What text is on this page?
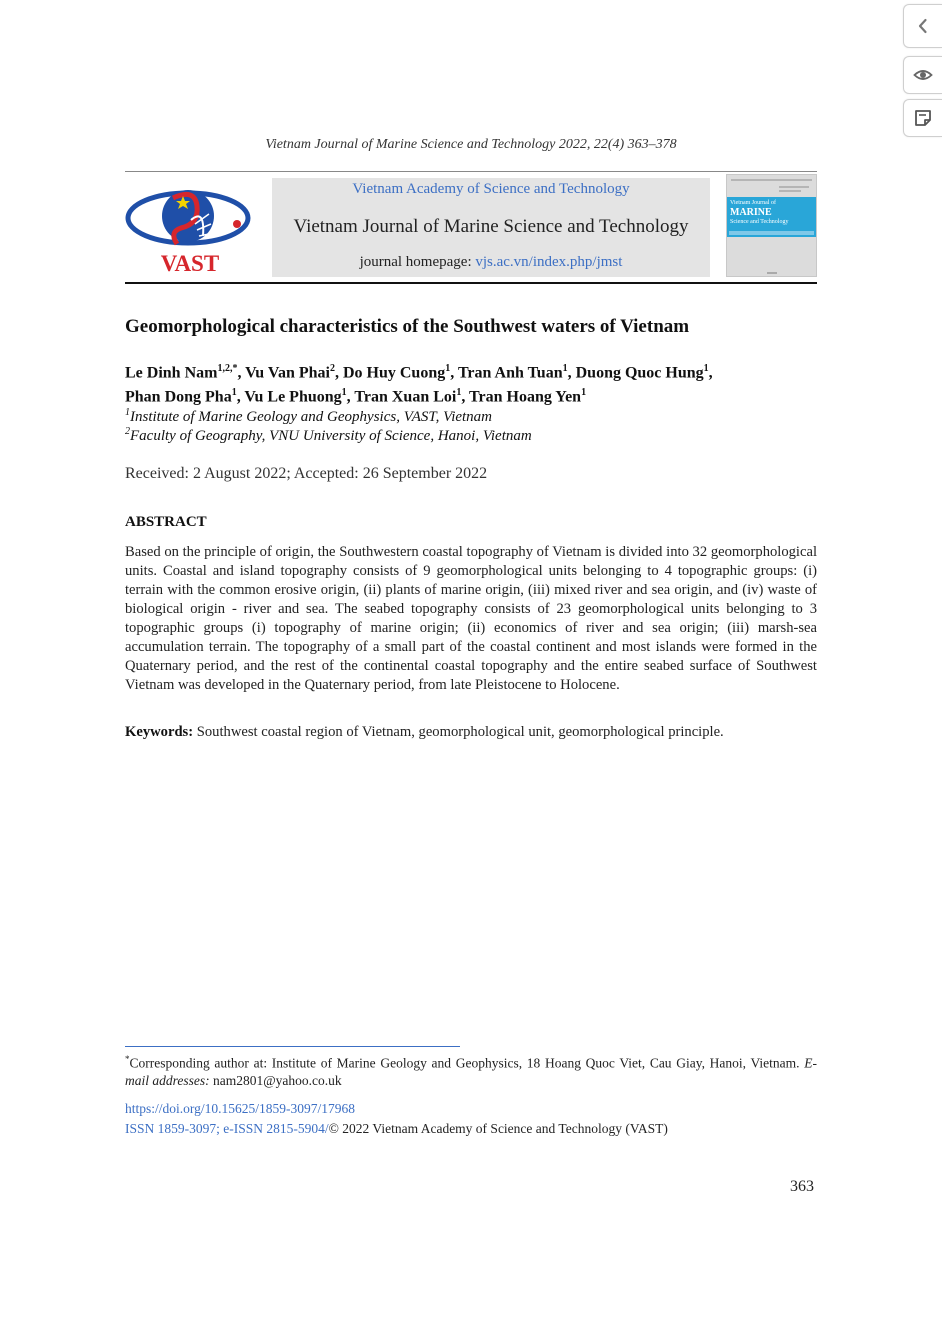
Vietnam Journal of Marine Science and Technology 2022, 22(4) 363–378
VAST
Vietnam Academy of Science and Technology
Vietnam Journal of Marine Science and Technology
journal homepage: vjs.ac.vn/index.php/jmst
Vietnam Journal of
MARINE
Science and Technology
Geomorphological characteristics of the Southwest waters of Vietnam
Le Dinh Nam$^{1,2,*}$, Vu Van Phai$^2$, Do Huy Cuong$^1$, Tran Anh Tuan$^1$, Duong Quoc Hung$^1$,
Phan Dong Pha$^1$, Vu Le Phuong$^1$, Tran Xuan Loi$^1$, Tran Hoang Yen$^1$
$^1$Institute of Marine Geology and Geophysics, VAST, Vietnam
$^2$Faculty of Geography, VNU University of Science, Hanoi, Vietnam
Received: 2 August 2022; Accepted: 26 September 2022
ABSTRACT
Based on the principle of origin, the Southwestern coastal topography of Vietnam is divided into 32 geomorphological units. Coastal and island topography consists of 9 geomorphological units belonging to 4 topographic groups: (i) terrain with the common erosive origin, (ii) plants of marine origin, (iii) mixed river and sea origin, and (iv) waste of biological origin - river and sea. The seabed topography consists of 23 geomorphological units belonging to 3 topographic groups (i) topography of marine origin; (ii) economics of river and sea origin; (iii) marsh-sea accumulation terrain. The topography of a small part of the coastal continent and most islands were formed in the Quaternary period, and the rest of the continental coastal topography and the entire seabed surface of Southwest Vietnam was developed in the Quaternary period, from late Pleistocene to Holocene.
Keywords: Southwest coastal region of Vietnam, geomorphological unit, geomorphological principle.
*Corresponding author at: Institute of Marine Geology and Geophysics, 18 Hoang Quoc Viet, Cau Giay, Hanoi, Vietnam. E-mail addresses: nam2801@yahoo.co.uk
https://doi.org/10.15625/1859-3097/17968
ISSN 1859-3097; e-ISSN 2815-5904/© 2022 Vietnam Academy of Science and Technology (VAST)
363
